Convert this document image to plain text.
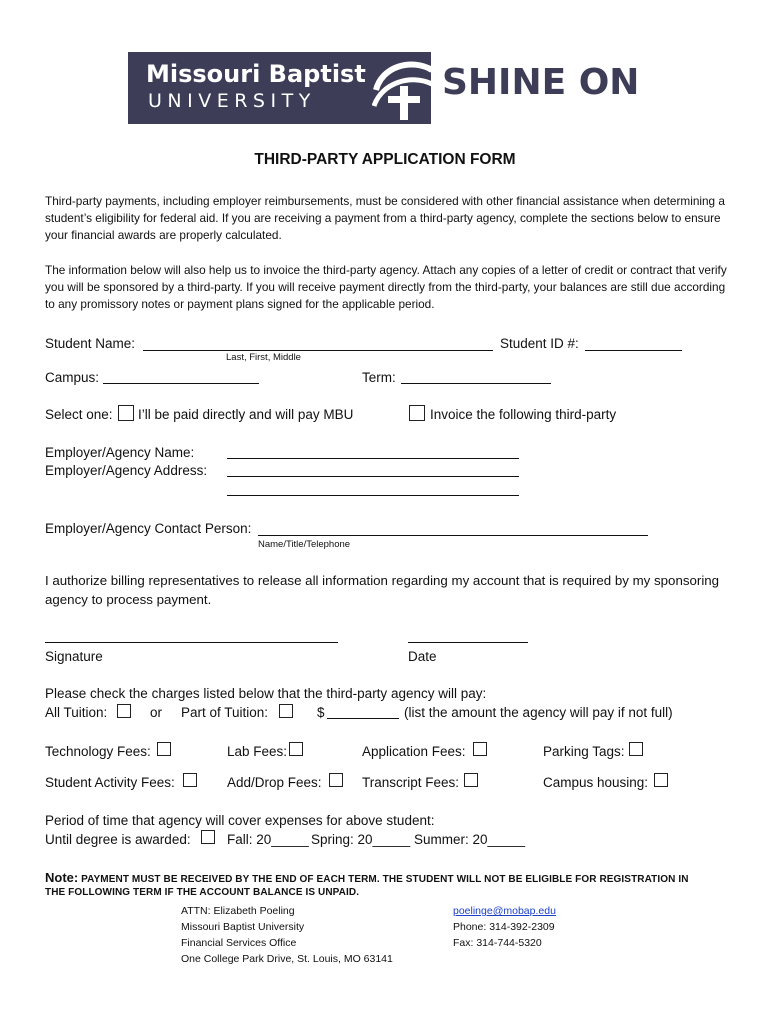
Missouri Baptist
UNIVERSITY	SHINE ON
THIRD-PARTY APPLICATION FORM
Third-party payments, including employer reimbursements, must be considered with other financial assistance when determining a student’s eligibility for federal aid. If you are receiving a payment from a third-party agency, complete the sections below to ensure your financial awards are properly calculated.
The information below will also help us to invoice the third-party agency. Attach any copies of a letter of credit or contract that verify you will be sponsored by a third-party. If you will receive payment directly from the third-party, your balances are still due according to any promissory notes or payment plans signed for the applicable period.
Student Name:
Last, First, Middle
Student ID #:
Campus:	Term:
Select one: I’ll be paid directly and will pay MBU	Invoice the following third-party
Employer/Agency Name:
Employer/Agency Address:
Employer/Agency Contact Person:
Name/Title/Telephone
I authorize billing representatives to release all information regarding my account that is required by my sponsoring agency to process payment.
Signature	Date
Please check the charges listed below that the third-party agency will pay:
All Tuition:	or Part of Tuition:	$	(list the amount the agency will pay if not full)
Technology Fees:	Lab Fees:	Application Fees:	Parking Tags:
Student Activity Fees:	Add/Drop Fees:	Transcript Fees:	Campus housing:
Period of time that agency will cover expenses for above student:
Until degree is awarded:	Fall: 20_____ Spring: 20_____ Summer: 20_____
Note: PAYMENT MUST BE RECEIVED BY THE END OF EACH TERM. THE STUDENT WILL NOT BE ELIGIBLE FOR REGISTRATION IN
THE FOLLOWING TERM IF THE ACCOUNT BALANCE IS UNPAID.
ATTN: Elizabeth Poeling
Missouri Baptist University
Financial Services Office
One College Park Drive, St. Louis, MO 63141
poelinge@mobap.edu
Phone: 314-392-2309
Fax: 314-744-5320
